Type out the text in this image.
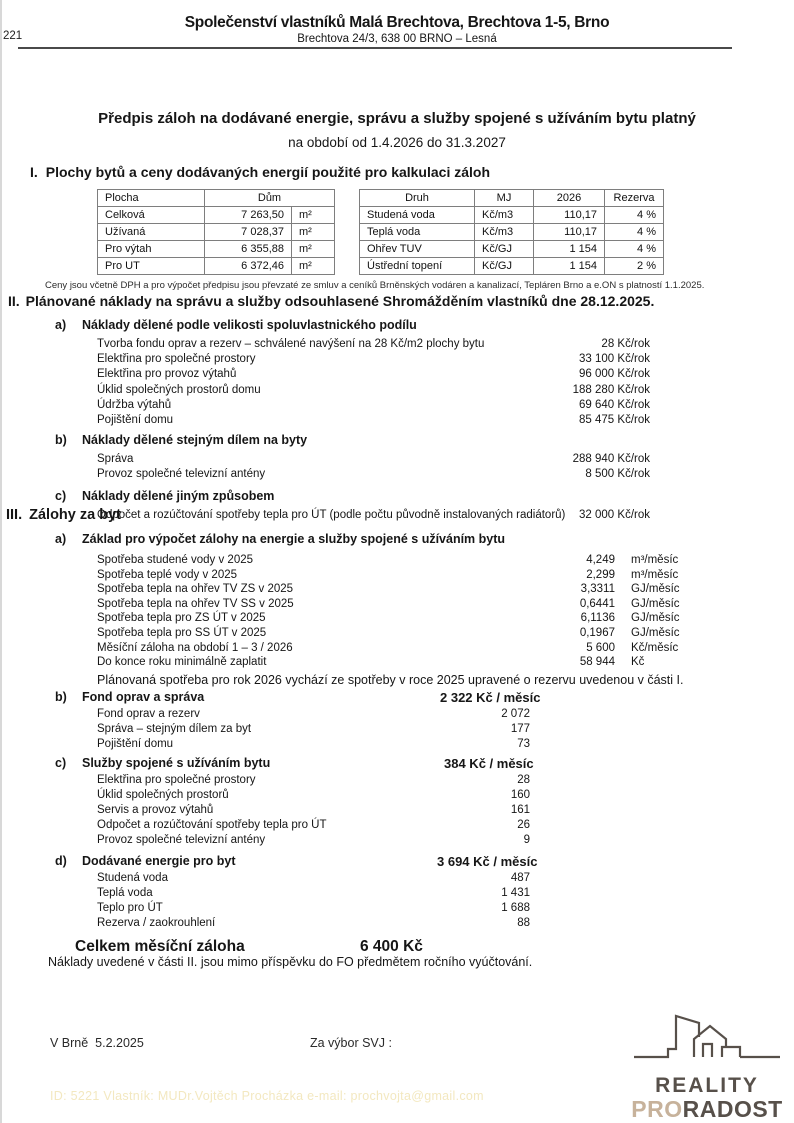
221
Společenství vlastníků Malá Brechtova, Brechtova 1-5, Brno
Brechtova 24/3, 638 00 BRNO – Lesná
Předpis záloh na dodávané energie, správu a služby spojené s užíváním bytu platný
na období od 1.4.2026 do 31.3.2027
I. Plochy bytů a ceny dodávaných energií použité pro kalkulaci záloh
Plocha	Dům	
Celková	7 263,50	m²
Užívaná	7 028,37	m²
Pro výtah	6 355,88	m²
Pro UT	6 372,46	m²
Druh	MJ	2026	Rezerva
Studená voda	Kč/m3	110,17	4 %
Teplá voda	Kč/m3	110,17	4 %
Ohřev TUV	Kč/GJ	1 154	4 %
Ústřední topení	Kč/GJ	1 154	2 %
Ceny jsou včetně DPH a pro výpočet předpisu jsou převzaté ze smluv a ceníků Brněnských vodáren a kanalizací, Tepláren Brno a e.ON s platností 1.1.2025.
II. Plánované náklady na správu a služby odsouhlasené Shromážděním vlastníků dne 28.12.2025.
a)	Náklady dělené podle velikosti spoluvlastnického podílu
Tvorba fondu oprav a rezerv – schválené navýšení na 28 Kč/m2 plochy bytu	28 Kč/rok
Elektřina pro společné prostory	33 100 Kč/rok
Elektřina pro provoz výtahů	96 000 Kč/rok
Úklid společných prostorů domu	188 280 Kč/rok
Údržba výtahů	69 640 Kč/rok
Pojištění domu	85 475 Kč/rok
b)	Náklady dělené stejným dílem na byty
Správa	288 940 Kč/rok
Provoz společné televizní antény	8 500 Kč/rok
c)	Náklady dělené jiným způsobem
Odpočet a rozúčtování spotřeby tepla pro ÚT (podle počtu původně instalovaných radiátorů) 32 000 Kč/rok
III. Zálohy za byt
a)	Základ pro výpočet zálohy na energie a služby spojené s užíváním bytu
Spotřeba studené vody v 2025	4,249 m³/měsíc
Spotřeba teplé vody v 2025	2,299 m³/měsíc
Spotřeba tepla na ohřev TV ZS v 2025	3,3311 GJ/měsíc
Spotřeba tepla na ohřev TV SS v 2025	0,6441 GJ/měsíc
Spotřeba tepla pro ZS ÚT v 2025	6,1136 GJ/měsíc
Spotřeba tepla pro SS ÚT v 2025	0,1967 GJ/měsíc
Měsíční záloha na období 1 – 3 / 2026	5 600 Kč/měsíc
Do konce roku minimálně zaplatit	58 944 Kč
Plánovaná spotřeba pro rok 2026 vychází ze spotřeby v roce 2025 upravené o rezervu uvedenou v části I.
b)	Fond oprav a správa	2 322 Kč / měsíc
Fond oprav a rezerv	2 072
Správa – stejným dílem za byt	177
Pojištění domu	73
c)	Služby spojené s užíváním bytu	384 Kč / měsíc
Elektřina pro společné prostory	28
Úklid společných prostorů	160
Servis a provoz výtahů	161
Odpočet a rozúčtování spotřeby tepla pro ÚT	26
Provoz společné televizní antény	9
d)	Dodávané energie pro byt	3 694 Kč / měsíc
Studená voda	487
Teplá voda	1 431
Teplo pro ÚT	1 688
Rezerva / zaokrouhlení	88
Celkem měsíční záloha	6 400 Kč
Náklady uvedené v části II. jsou mimo příspěvku do FO předmětem ročního vyúčtování.
V Brně  5.2.2025	Za výbor SVJ :
ID: 5221 Vlastník: MUDr.Vojtěch Procházka e-mail: prochvojta@gmail.com	REALITY
PRORADOST
